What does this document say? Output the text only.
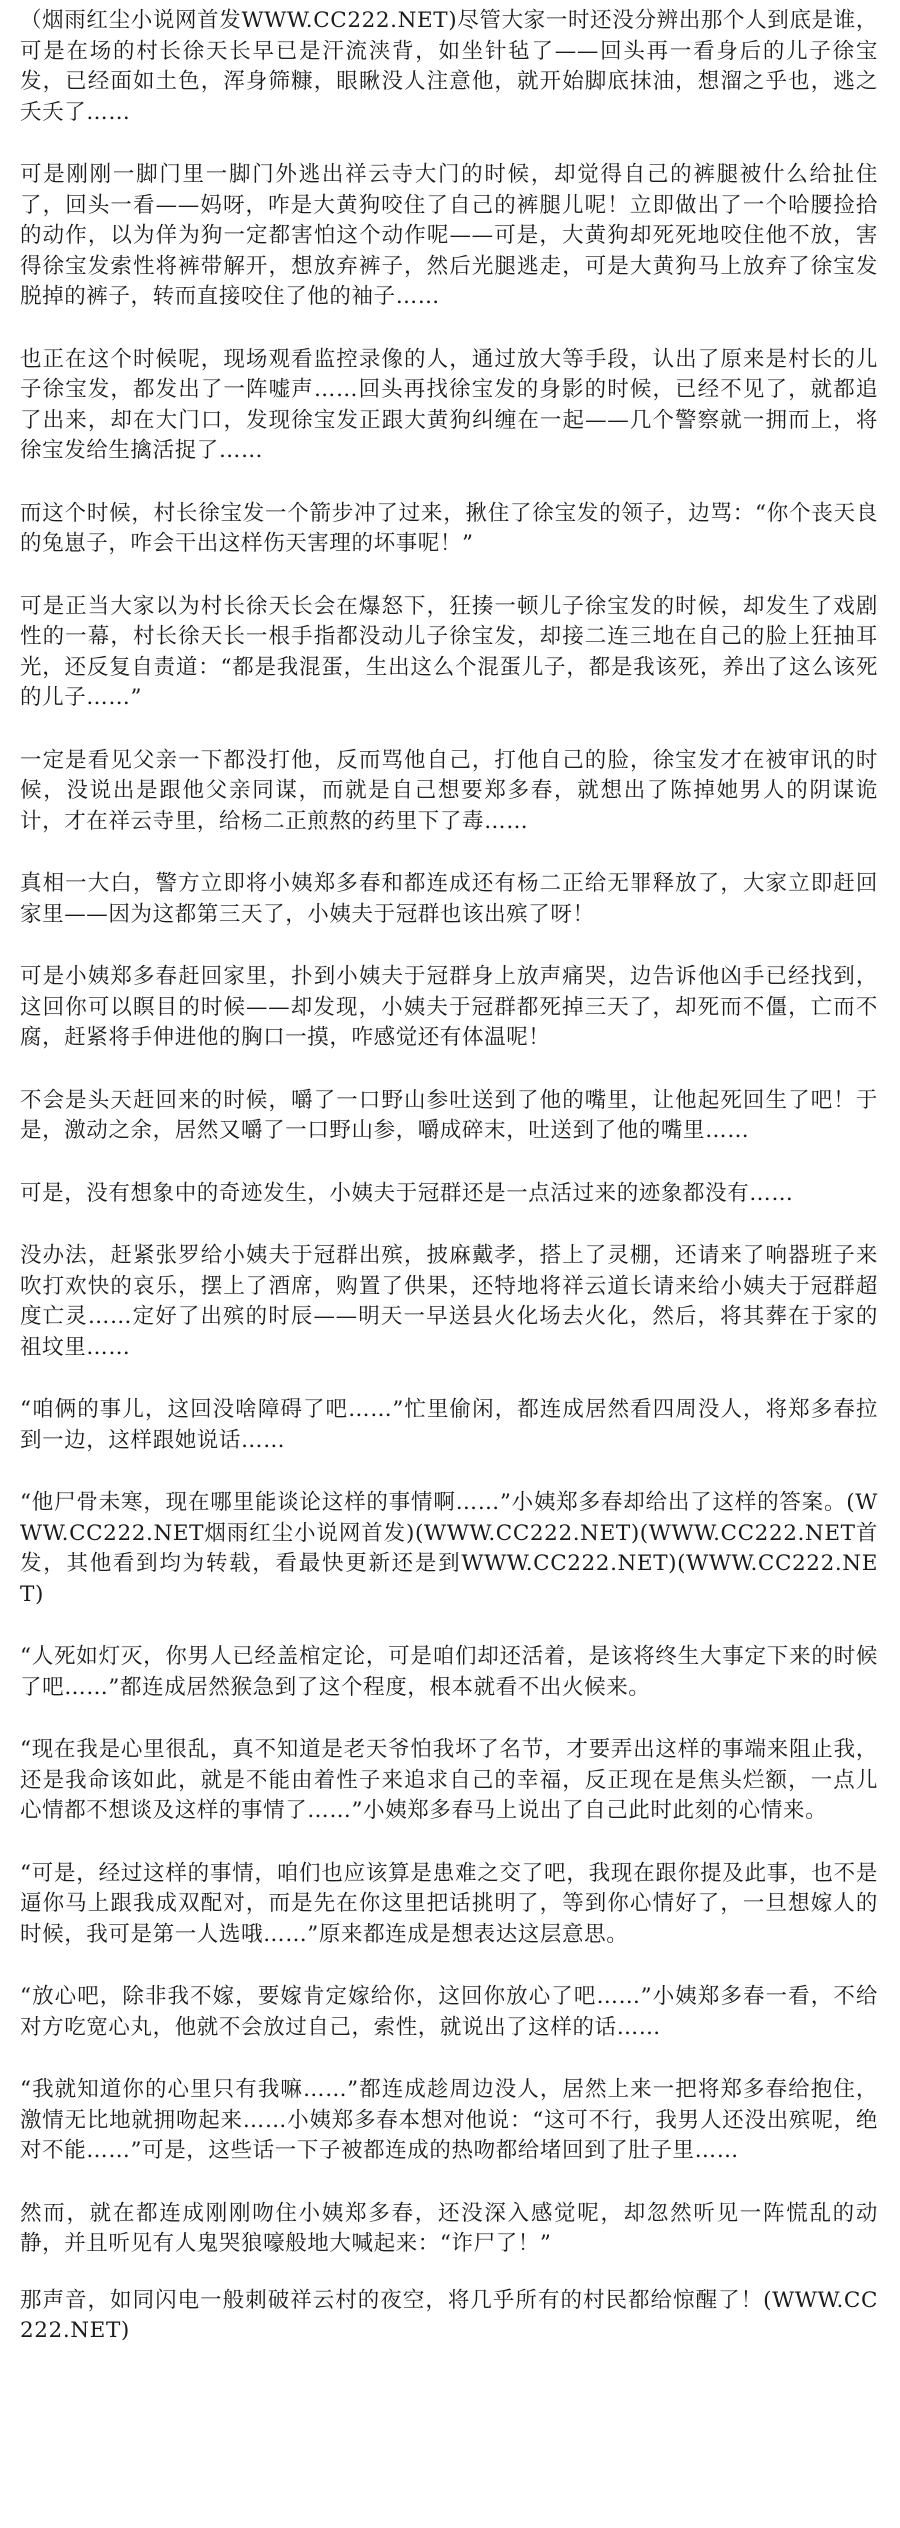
（烟雨红尘小说网首发WWW.CC222.NET)尽管大家一时还没分辨出那个人到底是谁，可是在场的村长徐天长早已是汗流浃背，如坐针毡了——回头再一看身后的儿子徐宝发，已经面如土色，浑身筛糠，眼瞅没人注意他，就开始脚底抹油，想溜之乎也，逃之夭夭了……

可是刚刚一脚门里一脚门外逃出祥云寺大门的时候，却觉得自己的裤腿被什么给扯住了，回头一看——妈呀，咋是大黄狗咬住了自己的裤腿儿呢！立即做出了一个哈腰捡拾的动作，以为佯为狗一定都害怕这个动作呢——可是，大黄狗却死死地咬住他不放，害得徐宝发索性将裤带解开，想放弃裤子，然后光腿逃走，可是大黄狗马上放弃了徐宝发脱掉的裤子，转而直接咬住了他的袖子……

也正在这个时候呢，现场观看监控录像的人，通过放大等手段，认出了原来是村长的儿子徐宝发，都发出了一阵嘘声……回头再找徐宝发的身影的时候，已经不见了，就都追了出来，却在大门口，发现徐宝发正跟大黄狗纠缠在一起——几个警察就一拥而上，将徐宝发给生擒活捉了……

而这个时候，村长徐宝发一个箭步冲了过来，揪住了徐宝发的领子，边骂：“你个丧天良的兔崽子，咋会干出这样伤天害理的坏事呢！”

可是正当大家以为村长徐天长会在爆怒下，狂揍一顿儿子徐宝发的时候，却发生了戏剧性的一幕，村长徐天长一根手指都没动儿子徐宝发，却接二连三地在自己的脸上狂抽耳光，还反复自责道：“都是我混蛋，生出这么个混蛋儿子，都是我该死，养出了这么该死的儿子……”

一定是看见父亲一下都没打他，反而骂他自己，打他自己的脸，徐宝发才在被审讯的时候，没说出是跟他父亲同谋，而就是自己想要郑多春，就想出了陈掉她男人的阴谋诡计，才在祥云寺里，给杨二正煎熬的药里下了毒……

真相一大白，警方立即将小姨郑多春和都连成还有杨二正给无罪释放了，大家立即赶回家里——因为这都第三天了，小姨夫于冠群也该出殡了呀！

可是小姨郑多春赶回家里，扑到小姨夫于冠群身上放声痛哭，边告诉他凶手已经找到，这回你可以瞑目的时候——却发现，小姨夫于冠群都死掉三天了，却死而不僵，亡而不腐，赶紧将手伸进他的胸口一摸，咋感觉还有体温呢！

不会是头天赶回来的时候，嚼了一口野山参吐送到了他的嘴里，让他起死回生了吧！于是，激动之余，居然又嚼了一口野山参，嚼成碎末，吐送到了他的嘴里……

可是，没有想象中的奇迹发生，小姨夫于冠群还是一点活过来的迹象都没有……

没办法，赶紧张罗给小姨夫于冠群出殡，披麻戴孝，搭上了灵棚，还请来了响器班子来吹打欢快的哀乐，摆上了酒席，购置了供果，还特地将祥云道长请来给小姨夫于冠群超度亡灵……定好了出殡的时辰——明天一早送县火化场去火化，然后，将其葬在于家的祖坟里……

“咱俩的事儿，这回没啥障碍了吧……”忙里偷闲，都连成居然看四周没人，将郑多春拉到一边，这样跟她说话……

“他尸骨未寒，现在哪里能谈论这样的事情啊……”小姨郑多春却给出了这样的答案。(WWW.CC222.NET烟雨红尘小说网首发)(WWW.CC222.NET)(WWW.CC222.NET首发，其他看到均为转载，看最快更新还是到WWW.CC222.NET)(WWW.CC222.NET)

“人死如灯灭，你男人已经盖棺定论，可是咱们却还活着，是该将终生大事定下来的时候了吧……”都连成居然猴急到了这个程度，根本就看不出火候来。

“现在我是心里很乱，真不知道是老天爷怕我坏了名节，才要弄出这样的事端来阻止我，还是我命该如此，就是不能由着性子来追求自己的幸福，反正现在是焦头烂额，一点儿心情都不想谈及这样的事情了……”小姨郑多春马上说出了自己此时此刻的心情来。

“可是，经过这样的事情，咱们也应该算是患难之交了吧，我现在跟你提及此事，也不是逼你马上跟我成双配对，而是先在你这里把话挑明了，等到你心情好了，一旦想嫁人的时候，我可是第一人选哦……”原来都连成是想表达这层意思。

“放心吧，除非我不嫁，要嫁肯定嫁给你，这回你放心了吧……”小姨郑多春一看，不给对方吃宽心丸，他就不会放过自己，索性，就说出了这样的话……

“我就知道你的心里只有我嘛……”都连成趁周边没人，居然上来一把将郑多春给抱住，激情无比地就拥吻起来……小姨郑多春本想对他说：“这可不行，我男人还没出殡呢，绝对不能……”可是，这些话一下子被都连成的热吻都给堵回到了肚子里……

然而，就在都连成刚刚吻住小姨郑多春，还没深入感觉呢，却忽然听见一阵慌乱的动静，并且听见有人鬼哭狼嚎般地大喊起来：“诈尸了！”

那声音，如同闪电一般刺破祥云村的夜空，将几乎所有的村民都给惊醒了！(WWW.CC222.NET)
